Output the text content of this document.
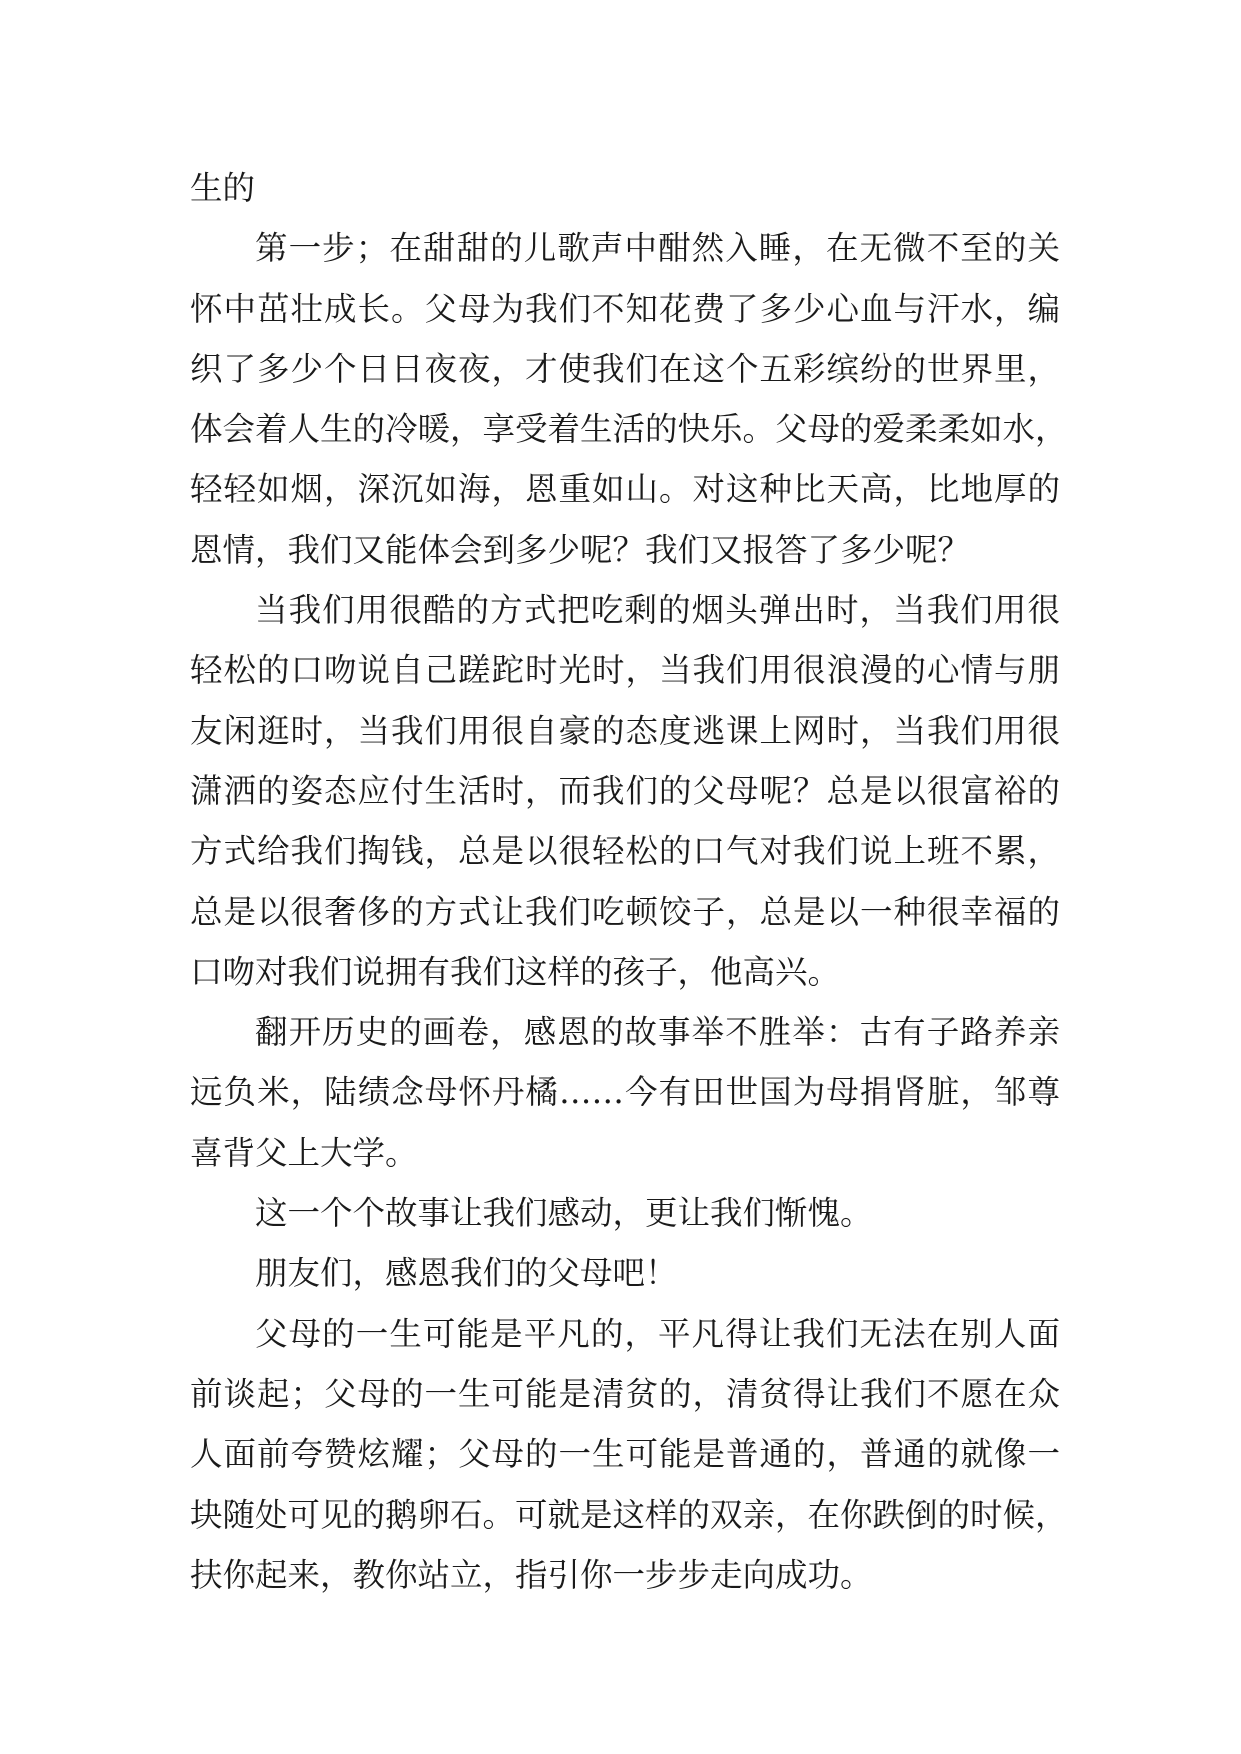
生的
第一步；在甜甜的儿歌声中酣然入睡，在无微不至的关
怀中茁壮成长。父母为我们不知花费了多少心血与汗水，编
织了多少个日日夜夜，才使我们在这个五彩缤纷的世界里，
体会着人生的冷暖，享受着生活的快乐。父母的爱柔柔如水，
轻轻如烟，深沉如海，恩重如山。对这种比天高，比地厚的
恩情，我们又能体会到多少呢？我们又报答了多少呢？
当我们用很酷的方式把吃剩的烟头弹出时，当我们用很
轻松的口吻说自己蹉跎时光时，当我们用很浪漫的心情与朋
友闲逛时，当我们用很自豪的态度逃课上网时，当我们用很
潇洒的姿态应付生活时，而我们的父母呢？总是以很富裕的
方式给我们掏钱，总是以很轻松的口气对我们说上班不累，
总是以很奢侈的方式让我们吃顿饺子，总是以一种很幸福的
口吻对我们说拥有我们这样的孩子，他高兴。
翻开历史的画卷，感恩的故事举不胜举：古有子路养亲
远负米，陆绩念母怀丹橘……今有田世国为母捐肾脏，邹尊
喜背父上大学。
这一个个故事让我们感动，更让我们惭愧。
朋友们，感恩我们的父母吧！
父母的一生可能是平凡的，平凡得让我们无法在别人面
前谈起；父母的一生可能是清贫的，清贫得让我们不愿在众
人面前夸赞炫耀；父母的一生可能是普通的，普通的就像一
块随处可见的鹅卵石。可就是这样的双亲，在你跌倒的时候，
扶你起来，教你站立，指引你一步步走向成功。
